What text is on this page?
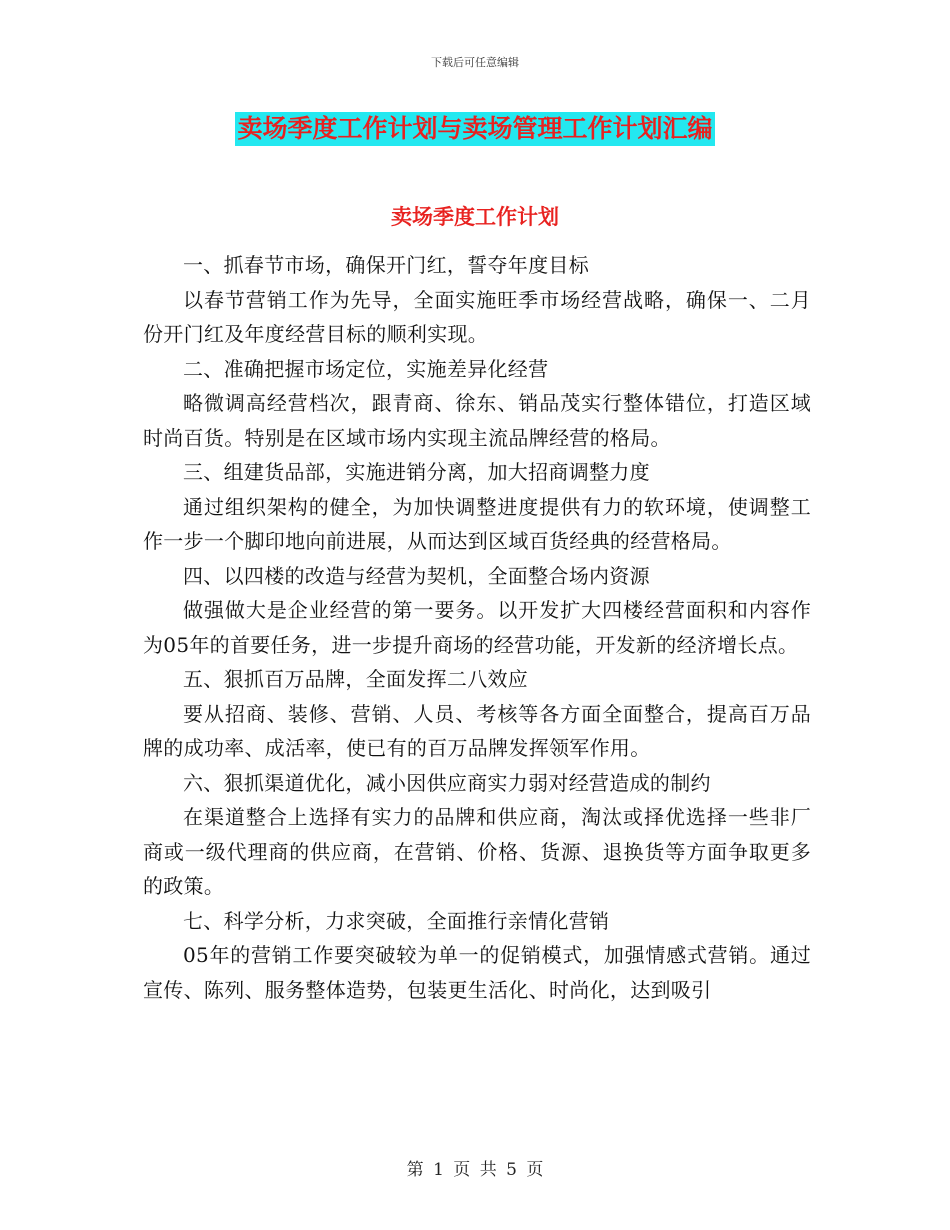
下载后可任意编辑
卖场季度工作计划与卖场管理工作计划汇编
卖场季度工作计划

一、抓春节市场，确保开门红，誓夺年度目标

以春节营销工作为先导，全面实施旺季市场经营战略，确保一、二月份开门红及年度经营目标的顺利实现。

二、准确把握市场定位，实施差异化经营

略微调高经营档次，跟青商、徐东、销品茂实行整体错位，打造区域时尚百货。特别是在区域市场内实现主流品牌经营的格局。

三、组建货品部，实施进销分离，加大招商调整力度

通过组织架构的健全，为加快调整进度提供有力的软环境，使调整工作一步一个脚印地向前进展，从而达到区域百货经典的经营格局。

四、以四楼的改造与经营为契机，全面整合场内资源

做强做大是企业经营的第一要务。以开发扩大四楼经营面积和内容作为05年的首要任务，进一步提升商场的经营功能，开发新的经济增长点。

五、狠抓百万品牌，全面发挥二八效应

要从招商、装修、营销、人员、考核等各方面全面整合，提高百万品牌的成功率、成活率，使已有的百万品牌发挥领军作用。

六、狠抓渠道优化，减小因供应商实力弱对经营造成的制约

在渠道整合上选择有实力的品牌和供应商，淘汰或择优选择一些非厂商或一级代理商的供应商，在营销、价格、货源、退换货等方面争取更多的政策。

七、科学分析，力求突破，全面推行亲情化营销

05年的营销工作要突破较为单一的促销模式，加强情感式营销。通过宣传、陈列、服务整体造势，包装更生活化、时尚化，达到吸引

第 1 页 共 5 页
